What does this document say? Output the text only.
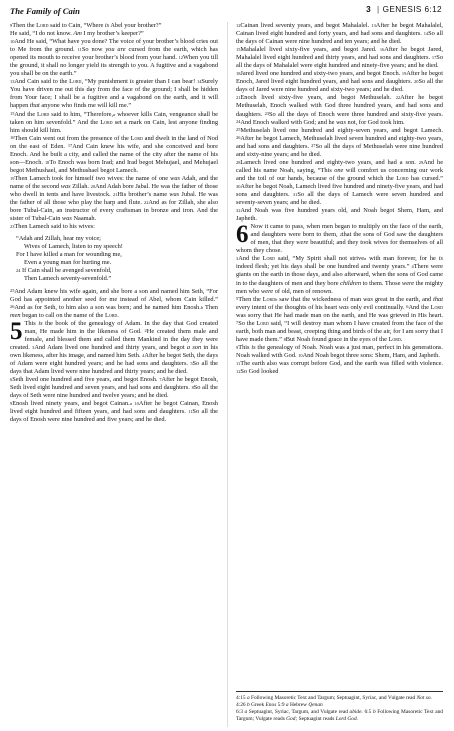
The Family of Cain	3 | GENESIS 6:12

$^9$Then the Lord said to Cain, “Where is Abel your brother?”

He said, “I do not know. Am I my brother’s keeper?”

$^{10}$And He said, “What have you done? The voice of your brother’s blood cries out to Me from the ground. $^{11}$So now you are cursed from the earth, which has opened its mouth to receive your brother’s blood from your hand. $^{12}$When you till the ground, it shall no longer yield its strength to you. A fugitive and a vagabond you shall be on the earth.”

$^{13}$And Cain said to the Lord, “My punishment is greater than I can bear! $^{14}$Surely You have driven me out this day from the face of the ground; I shall be hidden from Your face; I shall be a fugitive and a vagabond on the earth, and it will happen that anyone who finds me will kill me.”

$^{15}$And the Lord said to him, “Therefore,$^a$ whoever kills Cain, vengeance shall be taken on him sevenfold.” And the Lord set a mark on Cain, lest anyone finding him should kill him.

$^{16}$Then Cain went out from the presence of the Lord and dwelt in the land of Nod on the east of Eden. $^{17}$And Cain knew his wife, and she conceived and bore Enoch. And he built a city, and called the name of the city after the name of his son—Enoch. $^{18}$To Enoch was born Irad; and Irad begot Mehujael, and Mehujael begot Methushael, and Methushael begot Lamech.

$^{19}$Then Lamech took for himself two wives: the name of one was Adah, and the name of the second was Zillah. $^{20}$And Adah bore Jabal. He was the father of those who dwell in tents and have livestock. $^{21}$His brother’s name was Jubal. He was the father of all those who play the harp and flute. $^{22}$And as for Zillah, she also bore Tubal-Cain, an instructor of every craftsman in bronze and iron. And the sister of Tubal-Cain was Naamah.

$^{23}$Then Lamech said to his wives:

“Adah and Zillah, hear my voice;
Wives of Lamech, listen to my speech!
For I have killed a man for wounding me,
Even a young man for hurting me.
$^{24}$ If Cain shall be avenged sevenfold,
Then Lamech seventy-sevenfold.”

$^{25}$And Adam knew his wife again, and she bore a son and named him Seth, “For God has appointed another seed for me instead of Abel, whom Cain killed.” $^{26}$And as for Seth, to him also a son was born; and he named him Enosh.$^b$ Then men began to call on the name of the Lord.

5 This is the book of the genealogy of Adam. In the day that God created man, He made him in the likeness of God. $^2$He created them male and female, and blessed them and called them Mankind in the day they were created. $^3$And Adam lived one hundred and thirty years, and begot a son in his own likeness, after his image, and named him Seth. $^4$After he begot Seth, the days of Adam were eight hundred years; and he had sons and daughters. $^5$So all the days that Adam lived were nine hundred and thirty years; and he died.

$^6$Seth lived one hundred and five years, and begot Enosh. $^7$After he begot Enosh, Seth lived eight hundred and seven years, and had sons and daughters. $^8$So all the days of Seth were nine hundred and twelve years; and he died.

$^9$Enosh lived ninety years, and begot Cainan.$^a$ $^{10}$After he begot Cainan, Enosh lived eight hundred and fifteen years, and had sons and daughters. $^{11}$So all the days of Enosh were nine hundred and five years; and he died.

$^{12}$Cainan lived seventy years, and begot Mahalalel. $^{13}$After he begot Mahalalel, Cainan lived eight hundred and forty years, and had sons and daughters. $^{14}$So all the days of Cainan were nine hundred and ten years; and he died.

$^{15}$Mahalalel lived sixty-five years, and begot Jared. $^{16}$After he begot Jared, Mahalalel lived eight hundred and thirty years, and had sons and daughters. $^{17}$So all the days of Mahalalel were eight hundred and ninety-five years; and he died.

$^{18}$Jared lived one hundred and sixty-two years, and begot Enoch. $^{19}$After he begot Enoch, Jared lived eight hundred years, and had sons and daughters. $^{20}$So all the days of Jared were nine hundred and sixty-two years; and he died.

$^{21}$Enoch lived sixty-five years, and begot Methuselah. $^{22}$After he begot Methuselah, Enoch walked with God three hundred years, and had sons and daughters. $^{23}$So all the days of Enoch were three hundred and sixty-five years. $^{24}$And Enoch walked with God; and he was not, for God took him.

$^{25}$Methuselah lived one hundred and eighty-seven years, and begot Lamech. $^{26}$After he begot Lamech, Methuselah lived seven hundred and eighty-two years, and had sons and daughters. $^{27}$So all the days of Methuselah were nine hundred and sixty-nine years; and he died.

$^{28}$Lamech lived one hundred and eighty-two years, and had a son. $^{29}$And he called his name Noah, saying, “This one will comfort us concerning our work and the toil of our hands, because of the ground which the Lord has cursed.” $^{30}$After he begot Noah, Lamech lived five hundred and ninety-five years, and had sons and daughters. $^{31}$So all the days of Lamech were seven hundred and seventy-seven years; and he died.

$^{32}$And Noah was five hundred years old, and Noah begot Shem, Ham, and Japheth.

6 Now it came to pass, when men began to multiply on the face of the earth, and daughters were born to them, $^2$that the sons of God saw the daughters of men, that they were beautiful; and they took wives for themselves of all whom they chose.

$^3$And the Lord said, “My Spirit shall not strive$^a$ with man forever, for he is indeed flesh; yet his days shall be one hundred and twenty years.” $^4$There were giants on the earth in those days, and also afterward, when the sons of God came in to the daughters of men and they bore children to them. Those were the mighty men who were of old, men of renown.

$^5$Then the Lord$^b$ saw that the wickedness of man was great in the earth, and that every intent of the thoughts of his heart was only evil continually. $^6$And the Lord was sorry that He had made man on the earth, and He was grieved in His heart. $^7$So the Lord said, “I will destroy man whom I have created from the face of the earth, both man and beast, creeping thing and birds of the air, for I am sorry that I have made them.” $^8$But Noah found grace in the eyes of the Lord.

$^9$This is the genealogy of Noah. Noah was a just man, perfect in his generations. Noah walked with God. $^{10}$And Noah begot three sons: Shem, Ham, and Japheth.

$^{11}$The earth also was corrupt before God, and the earth was filled with violence. $^{12}$So God looked

4:15 a Following Masoretic Text and Targum; Septuagint, Syriac, and Vulgate read Not so.
4:26 b Greek Enos 5:9 a Hebrew Qenan
6:3 a Septuagint, Syriac, Targum, and Vulgate read abide. 6:5 b Following Masoretic Text and Targum; Vulgate reads God; Septuagint reads Lord God.
